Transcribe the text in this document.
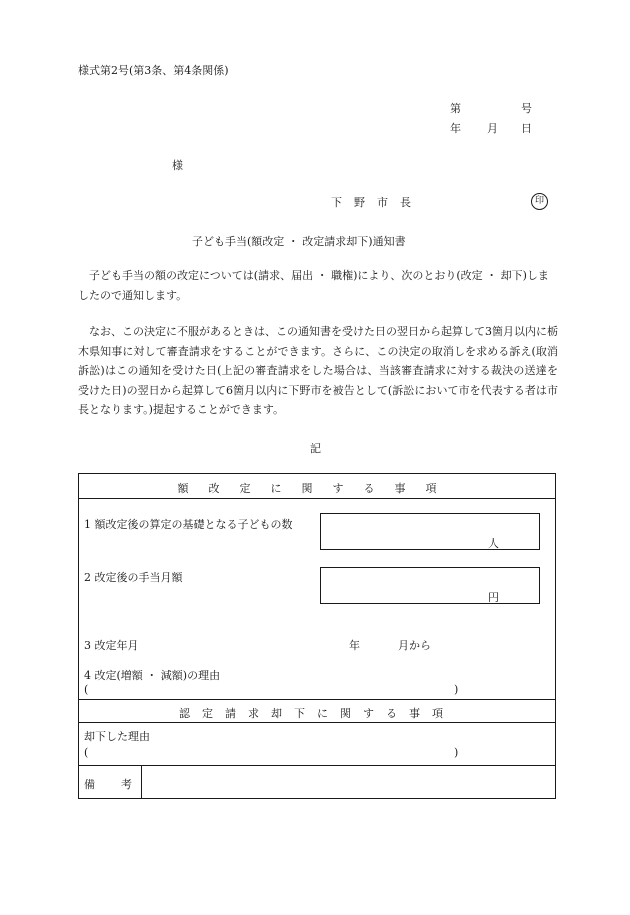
様式第2号(第3条、第4条関係)
第	号
年 月 日
様
下野市長	印
子ども手当(額改定 ・ 改定請求却下)通知書
子ども手当の額の改定については(請求、届出 ・ 職権)により、次のとおり(改定 ・ 却下)しましたので通知します。
なお、この決定に不服があるときは、この通知書を受けた日の翌日から起算して3箇月以内に栃木県知事に対して審査請求をすることができます。さらに、この決定の取消しを求める訴え(取消訴訟)はこの通知を受けた日(上記の審査請求をした場合は、当該審査請求に対する裁決の送達を受けた日)の翌日から起算して6箇月以内に下野市を被告として(訴訟において市を代表する者は市長となります。)提起することができます。
記
額改定に関する事項
1 額改定後の算定の基礎となる子どもの数
人
2 改定後の手当月額
円
3 改定年月	年	月から
4 改定(増額 ・ 減額)の理由
(	)
認定請求却下に関する事項
却下した理由
(	)
備考
